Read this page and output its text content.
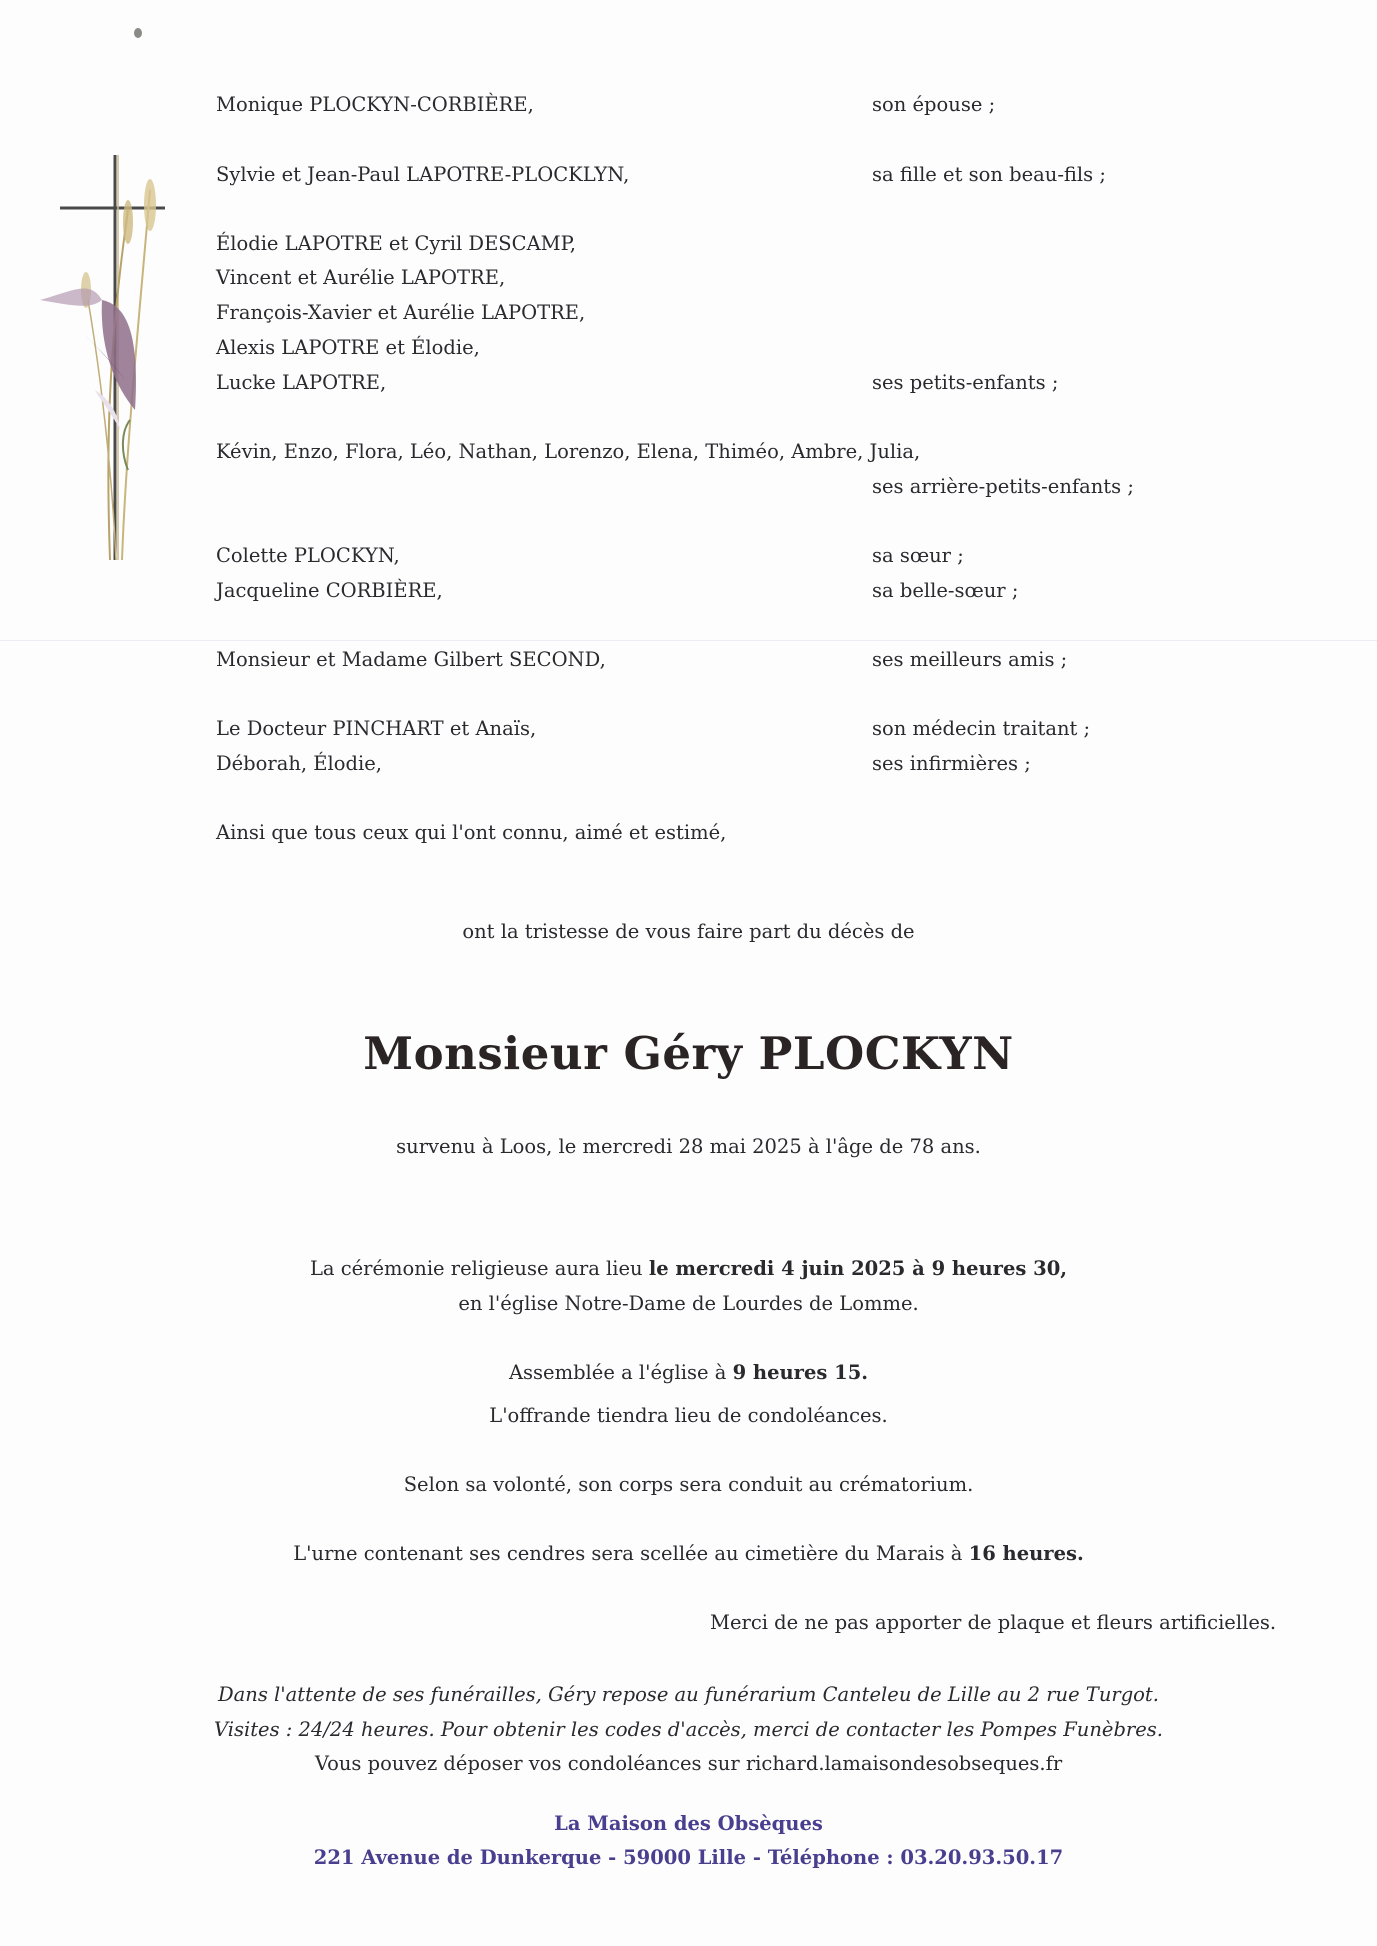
Monique PLOCKYN-CORBIÈRE,	son épouse ;
Sylvie et Jean-Paul LAPOTRE-PLOCKLYN,	sa fille et son beau-fils ;
Élodie LAPOTRE et Cyril DESCAMP,
Vincent et Aurélie LAPOTRE,
François-Xavier et Aurélie LAPOTRE,
Alexis LAPOTRE et Élodie,
Lucke LAPOTRE,	ses petits-enfants ;
Kévin, Enzo, Flora, Léo, Nathan, Lorenzo, Elena, Thiméo, Ambre, Julia,
ses arrière-petits-enfants ;
Colette PLOCKYN,	sa sœur ;
Jacqueline CORBIÈRE,	sa belle-sœur ;
Monsieur et Madame Gilbert SECOND,	ses meilleurs amis ;
Le Docteur PINCHART et Anaïs,	son médecin traitant ;
Déborah, Élodie,	ses infirmières ;
Ainsi que tous ceux qui l'ont connu, aimé et estimé,
ont la tristesse de vous faire part du décès de
Monsieur Géry PLOCKYN
survenu à Loos, le mercredi 28 mai 2025 à l'âge de 78 ans.
La cérémonie religieuse aura lieu le mercredi 4 juin 2025 à 9 heures 30,
en l'église Notre-Dame de Lourdes de Lomme.
Assemblée a l'église à 9 heures 15.
L'offrande tiendra lieu de condoléances.
Selon sa volonté, son corps sera conduit au crématorium.
L'urne contenant ses cendres sera scellée au cimetière du Marais à 16 heures.
Merci de ne pas apporter de plaque et fleurs artificielles.
Dans l'attente de ses funérailles, Géry repose au funérarium Canteleu de Lille au 2 rue Turgot.
Visites : 24/24 heures. Pour obtenir les codes d'accès, merci de contacter les Pompes Funèbres.
Vous pouvez déposer vos condoléances sur richard.lamaisondesobseques.fr
La Maison des Obsèques
221 Avenue de Dunkerque - 59000 Lille - Téléphone : 03.20.93.50.17
